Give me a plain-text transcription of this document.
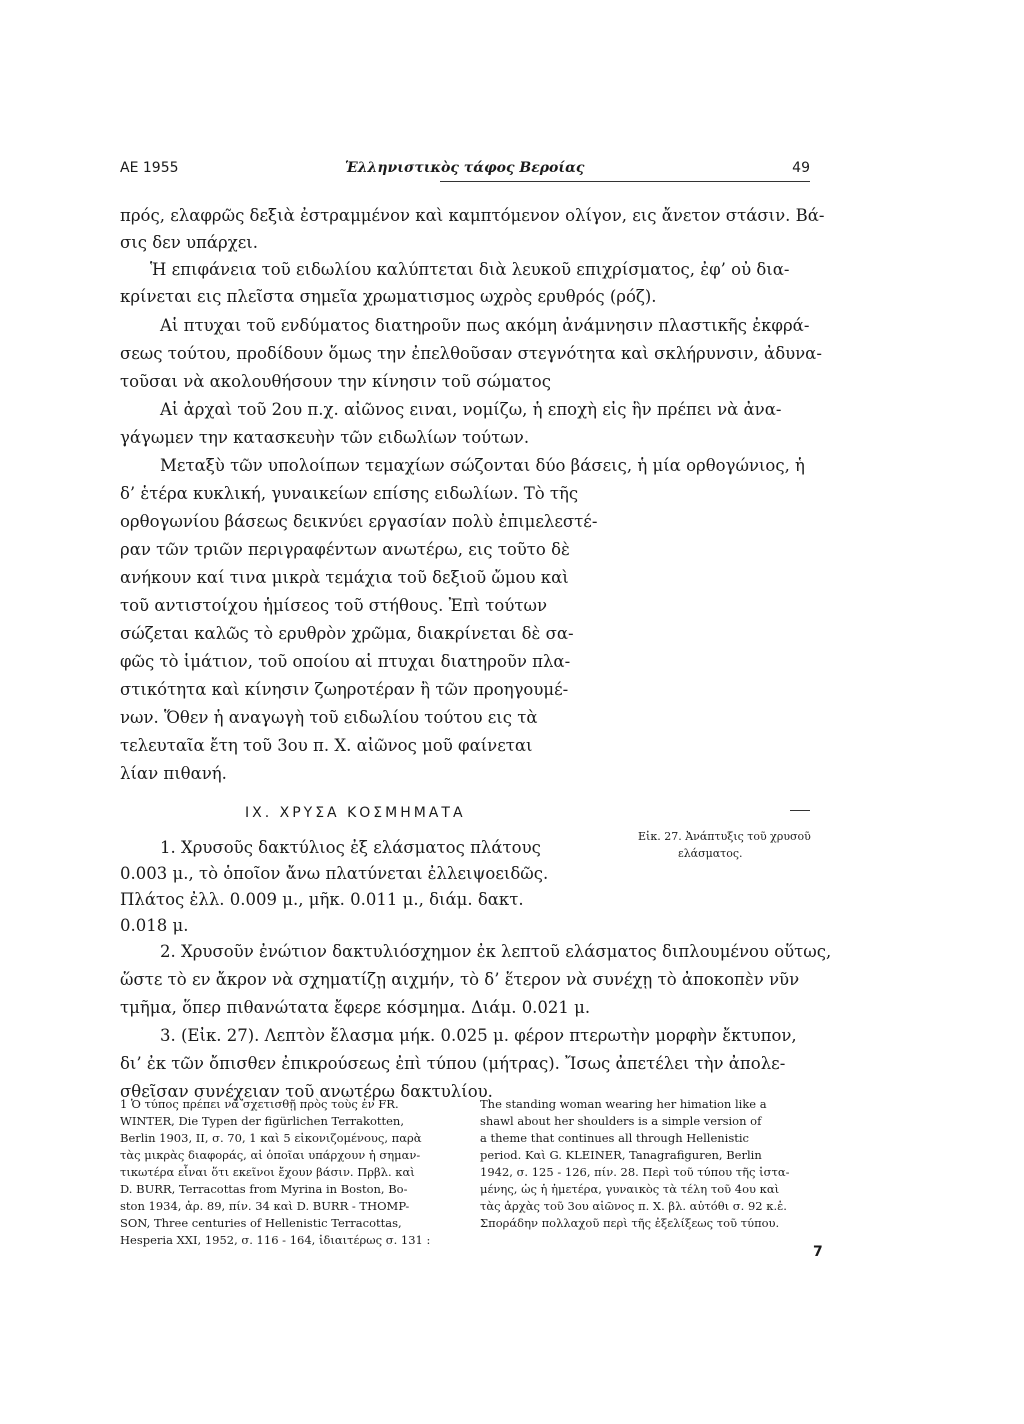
ΑΕ 1955	Ἑλληνιστικὸς τάφος Βεροίας	49
πρός, ελαφρῶς δεξιὰ ἐστραμμένον καὶ καμπτόμενον ολίγον, εις ἄνετον στάσιν. Βά-
σις δεν υπάρχει.
Ἡ επιφάνεια τοῦ ειδωλίου καλύπτεται διὰ λευκοῦ επιχρίσματος, ἐφ’ οὐ δια-
κρίνεται εις πλεῖστα σημεῖα χρωματισμος ωχρὸς ερυθρός (ρόζ).
Αἱ πτυχαι τοῦ ενδύματος διατηροῦν πως ακόμη ἀνάμνησιν πλαστικῆς ἐκφρά-
σεως τούτου, προδίδουν ὅμως την ἐπελθοῦσαν στεγνότητα καὶ σκλήρυνσιν, ἀδυνα-
τοῦσαι νὰ ακολουθήσουν την κίνησιν τοῦ σώματος
Αἱ ἀρχαὶ τοῦ 2ου π.χ. αἰῶνος ειναι, νομίζω, ἡ εποχὴ εἰς ἣν πρέπει νὰ ἀνα-
γάγωμεν την κατασκευὴν τῶν ειδωλίων τούτων.
Μεταξὺ τῶν υπολοίπων τεμαχίων σώζονται δύο βάσεις, ἡ μία ορθογώνιος, ἡ
δ’ ἑτέρα κυκλική, γυναικείων επίσης ειδωλίων. Τὸ τῆς
ορθογωνίου βάσεως δεικνύει εργασίαν πολὺ ἐπιμελεστέ-
ραν τῶν τριῶν περιγραφέντων ανωτέρω, εις τοῦτο δὲ
ανήκουν καί τινα μικρὰ τεμάχια τοῦ δεξιοῦ ὤμου καὶ
τοῦ αντιστοίχου ἡμίσεος τοῦ στήθους. Ἐπὶ τούτων
σώζεται καλῶς τὸ ερυθρὸν χρῶμα, διακρίνεται δὲ σα-
φῶς τὸ ἱμάτιον, τοῦ οποίου αἱ πτυχαι διατηροῦν πλα-
στικότητα καὶ κίνησιν ζωηροτέραν ἢ τῶν προηγουμέ-
νων. Ὅθεν ἡ αναγωγὴ τοῦ ειδωλίου τούτου εις τὰ
τελευταῖα ἔτη τοῦ 3ου π. Χ. αἰῶνος μοῦ φαίνεται
λίαν πιθανή.
ΙΧ. ΧΡΥΣΑ ΚΟΣΜΗΜΑΤΑ
1. Χρυσοῦς δακτύλιος ἐξ ελάσματος πλάτους
0.003 μ., τὸ ὁποῖον ἄνω πλατύνεται ἐλλειψοειδῶς.
Πλάτος ἐλλ. 0.009 μ., μῆκ. 0.011 μ., διάμ. δακτ.
0.018 μ.
2. Χρυσοῦν ἐνώτιον δακτυλιόσχημον ἐκ λεπτοῦ ελάσματος διπλουμένου οὕτως,
ὥστε τὸ εν ἄκρον νὰ σχηματίζῃ αιχμήν, τὸ δ’ ἕτερον νὰ συνέχῃ τὸ ἀποκοπὲν νῦν
τμῆμα, ὅπερ πιθανώτατα ἔφερε κόσμημα. Διάμ. 0.021 μ.
3. (Εἰκ. 27). Λεπτὸν ἔλασμα μήκ. 0.025 μ. φέρον πτερωτὴν μορφὴν ἔκτυπον,
δι’ ἐκ τῶν ὄπισθεν ἐπικρούσεως ἐπὶ τύπου (μήτρας). Ἴσως ἀπετέλει τὴν ἀπολε-
σθεῖσαν συνέχειαν τοῦ ανωτέρω δακτυλίου.
Εἰκ. 27. Ἀνάπτυξις τοῦ χρυσοῦ
ελάσματος.
1 Ὁ τύπος πρέπει νὰ σχετισθῇ πρὸς τοὺς ἐν FR.
WINTER, Die Typen der figürlichen Terrakotten,
Berlin 1903, II, σ. 70, 1 καὶ 5 εἰκονιζομένους, παρὰ
τὰς μικρὰς διαφοράς, αἱ ὁποῖαι υπάρχουν ἡ σημαν-
τικωτέρα εἶναι ὅτι εκεῖνοι ἔχουν βάσιν. Πρβλ. καὶ
D. BURR, Terracottas from Myrina in Boston, Bo-
ston 1934, ἀρ. 89, πίν. 34 καὶ D. BURR - THOMP-
SON, Three centuries of Hellenistic Terracottas,
Hesperia XXI, 1952, σ. 116 - 164, ἰδιαιτέρως σ. 131 :
The standing woman wearing her himation like a
shawl about her shoulders is a simple version of
a theme that continues all through Hellenistic
period. Καὶ G. KLEINER, Tanagrafiguren, Berlin
1942, σ. 125 - 126, πίν. 28. Περὶ τοῦ τύπου τῆς ἱστα-
μένης, ὡς ἡ ἡμετέρα, γυναικὸς τὰ τέλη τοῦ 4ου καὶ
τὰς ἀρχὰς τοῦ 3ου αἰῶνος π. Χ. βλ. αὐτόθι σ. 92 κ.ἑ.
Σποράδην πολλαχοῦ περὶ τῆς ἐξελίξεως τοῦ τύπου.
7
